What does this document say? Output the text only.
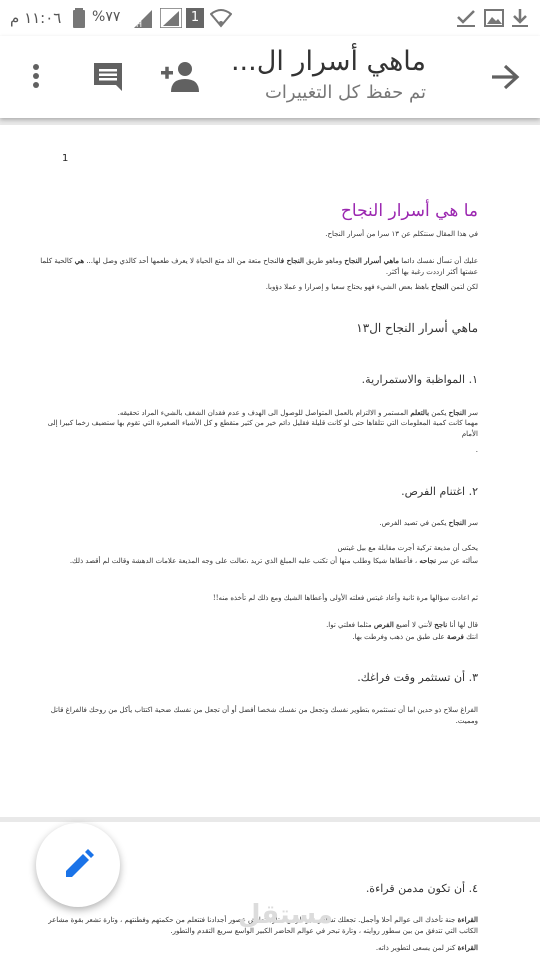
١١:٠٦ م %٧٧ H	1
ماهي أسرار ال...
تم حفظ كل التغييرات
1
ما هي أسرار النجاح
في هذا المقال سنتكلم عن ١٣ سرا من أسرار النجاح.
عليك أن تسأل نفسك دائما ماهي أسرار النجاح وماهو طريق النجاح فالنجاح متعة من الذ متع الحياة لا يعرف طعمها أحد كالذي وصل لها... هي كالحية كلما عشتها أكثر ازددت رغبة بها أكثر.
لكن لتمن النجاح باهظ بعض الشيء فهو يحتاج سعيا و إصرارا و عملا دؤوبا.
ماهي أسرار النجاح ال١٣
١. المواظبة والاستمرارية.
سر النجاح يكمن بالتعلم المستمر و الالتزام بالعمل المتواصل للوصول الى الهدف و عدم فقدان الشغف بالشيء المراد تحقيقه.
مهما كانت كمية المعلومات التي تتلقاها حتى لو كانت قليلة فقليل دائم خير من كثير متقطع و كل الأشياء الصغيرة التي تقوم بها ستضيف زخما كبيرا إلى الأمام
.
٢. اغتنام الفرص.
سر النجاح يكمن في تصيد الفرص.
يحكى أن مذيعة تركية أجرت مقابلة مع بيل غيتس
سألته عن سر نجاحه ، فأعطاها شيكا وطلب منها أن تكتب عليه المبلغ الذي تريد ،تعالت على وجه المذيعة علامات الدهشة وقالت لم أقصد ذلك.
ثم اعادت سؤالها مرة ثانية وأعاد غيتس فعلته الأولى وأعطاها الشيك ومع ذلك لم تأخذه منه!!
قال لها أنا ناجح لأنني لا أضيع الفرص مثلما فعلتي توا.
انتك فرصة على طبق من ذهب وفرطت بها.
٣. أن تستثمر وقت فراغك.
الفراغ سلاح ذو حدين اما أن تستثمره بتطوير نفسك وتجعل من نفسك شخصا أفضل أو أن تجعل من نفسك ضحية اكتئاب يأكل من روحك فالفراغ قاتل ومميت.
٤. أن تكون مدمن قراءة.
القراءة جنة تأخذك الى عوالم أحلا وأجمل. تجعلك تسافر عبر الزمن ، تارة تعايش عصور أجدادنا فتتعلم من حكمتهم وفطنتهم ، وتارة تشعر بقوة مشاعر الكاتب التي تتدفق من بين سطور روايته ، وتارة تبحر في عوالم الحاضر الكبير الواسع سريع التقدم والتطور.
القراءة كنز لمن يسعى لتطوير ذاته.
مستقل
